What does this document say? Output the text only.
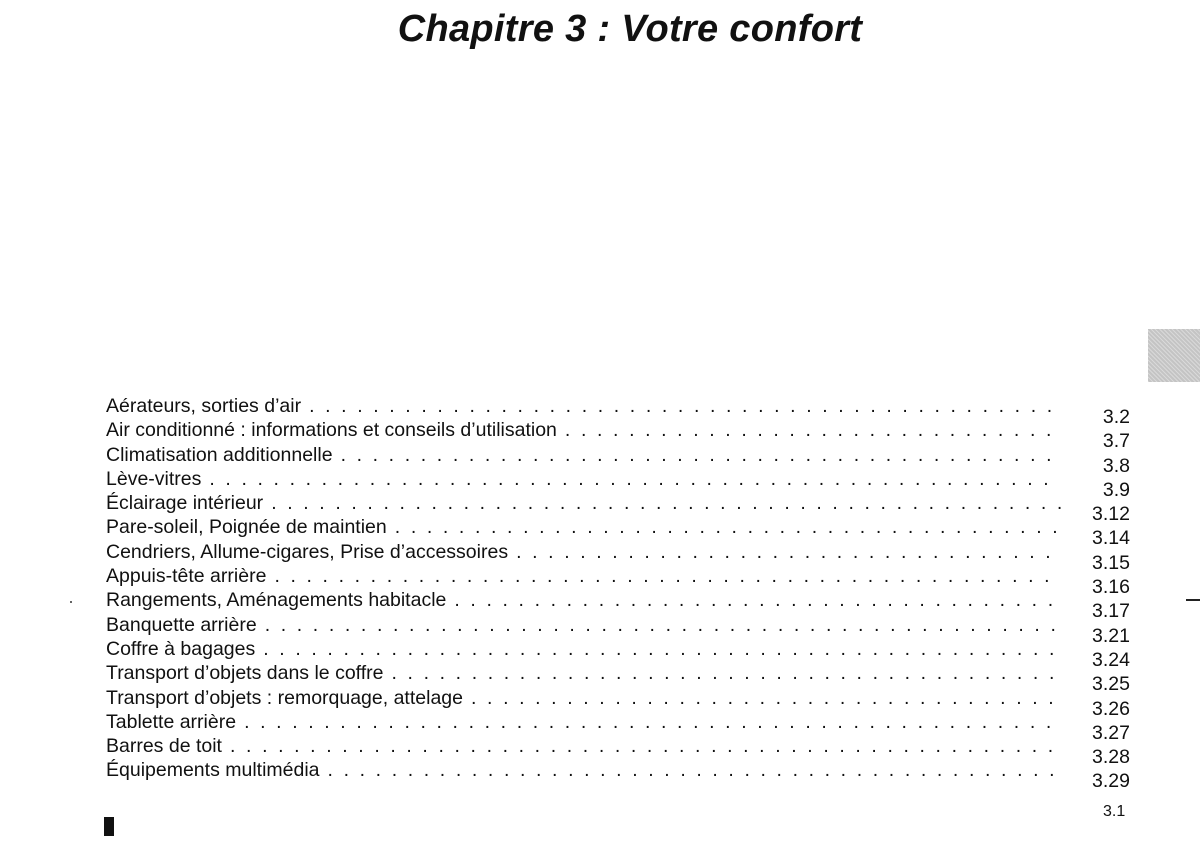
Chapitre 3 : Votre confort
Aérateurs, sorties d’air . . .	3.2
Air conditionné : informations et conseils d’utilisation . . .	3.7
Climatisation additionnelle . . .	3.8
Lève-vitres . . .	3.9
Éclairage intérieur . . .	3.12
Pare-soleil, Poignée de maintien . . .	3.14
Cendriers, Allume-cigares, Prise d’accessoires . . .	3.15
Appuis-tête arrière . . .	3.16
Rangements, Aménagements habitacle . . .	3.17
Banquette arrière . . .	3.21
Coffre à bagages . . .	3.24
Transport d’objets dans le coffre . . .	3.25
Transport d’objets : remorquage, attelage . . .	3.26
Tablette arrière . . .	3.27
Barres de toit . . .	3.28
Équipements multimédia . . .	3.29
3.1
